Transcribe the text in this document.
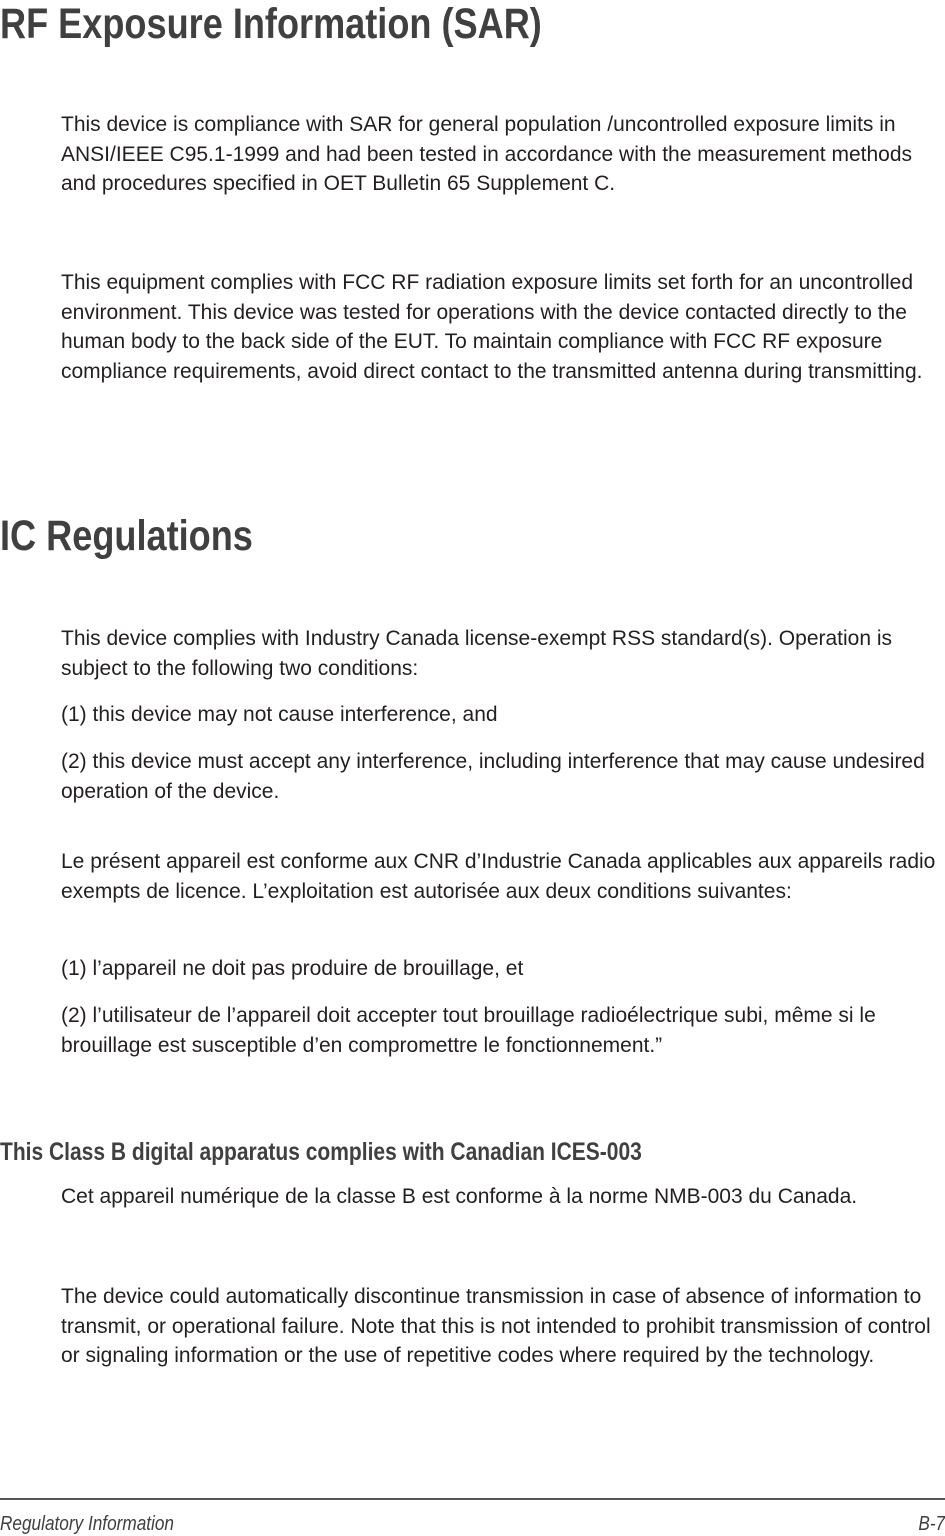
RF Exposure Information (SAR)

This device is compliance with SAR for general population /uncontrolled exposure limits in ANSI/IEEE C95.1-1999 and had been tested in accordance with the measurement methods and procedures specified in OET Bulletin 65 Supplement C.

This equipment complies with FCC RF radiation exposure limits set forth for an uncontrolled environment. This device was tested for operations with the device contacted directly to the human body to the back side of the EUT. To maintain compliance with FCC RF exposure compliance requirements, avoid direct contact to the transmitted antenna during transmitting.

IC Regulations

This device complies with Industry Canada license-exempt RSS standard(s). Operation is subject to the following two conditions:

(1) this device may not cause interference, and

(2) this device must accept any interference, including interference that may cause undesired operation of the device.

Le présent appareil est conforme aux CNR d’Industrie Canada applicables aux appareils radio exempts de licence. L’exploitation est autorisée aux deux conditions suivantes:

(1) l’appareil ne doit pas produire de brouillage, et

(2) l’utilisateur de l’appareil doit accepter tout brouillage radioélectrique subi, même si le brouillage est susceptible d’en compromettre le fonctionnement.”

This Class B digital apparatus complies with Canadian ICES-003

Cet appareil numérique de la classe B est conforme à la norme NMB-003 du Canada.

The device could automatically discontinue transmission in case of absence of information to transmit, or operational failure. Note that this is not intended to prohibit transmission of control or signaling information or the use of repetitive codes where required by the technology.

Regulatory Information	B-7
